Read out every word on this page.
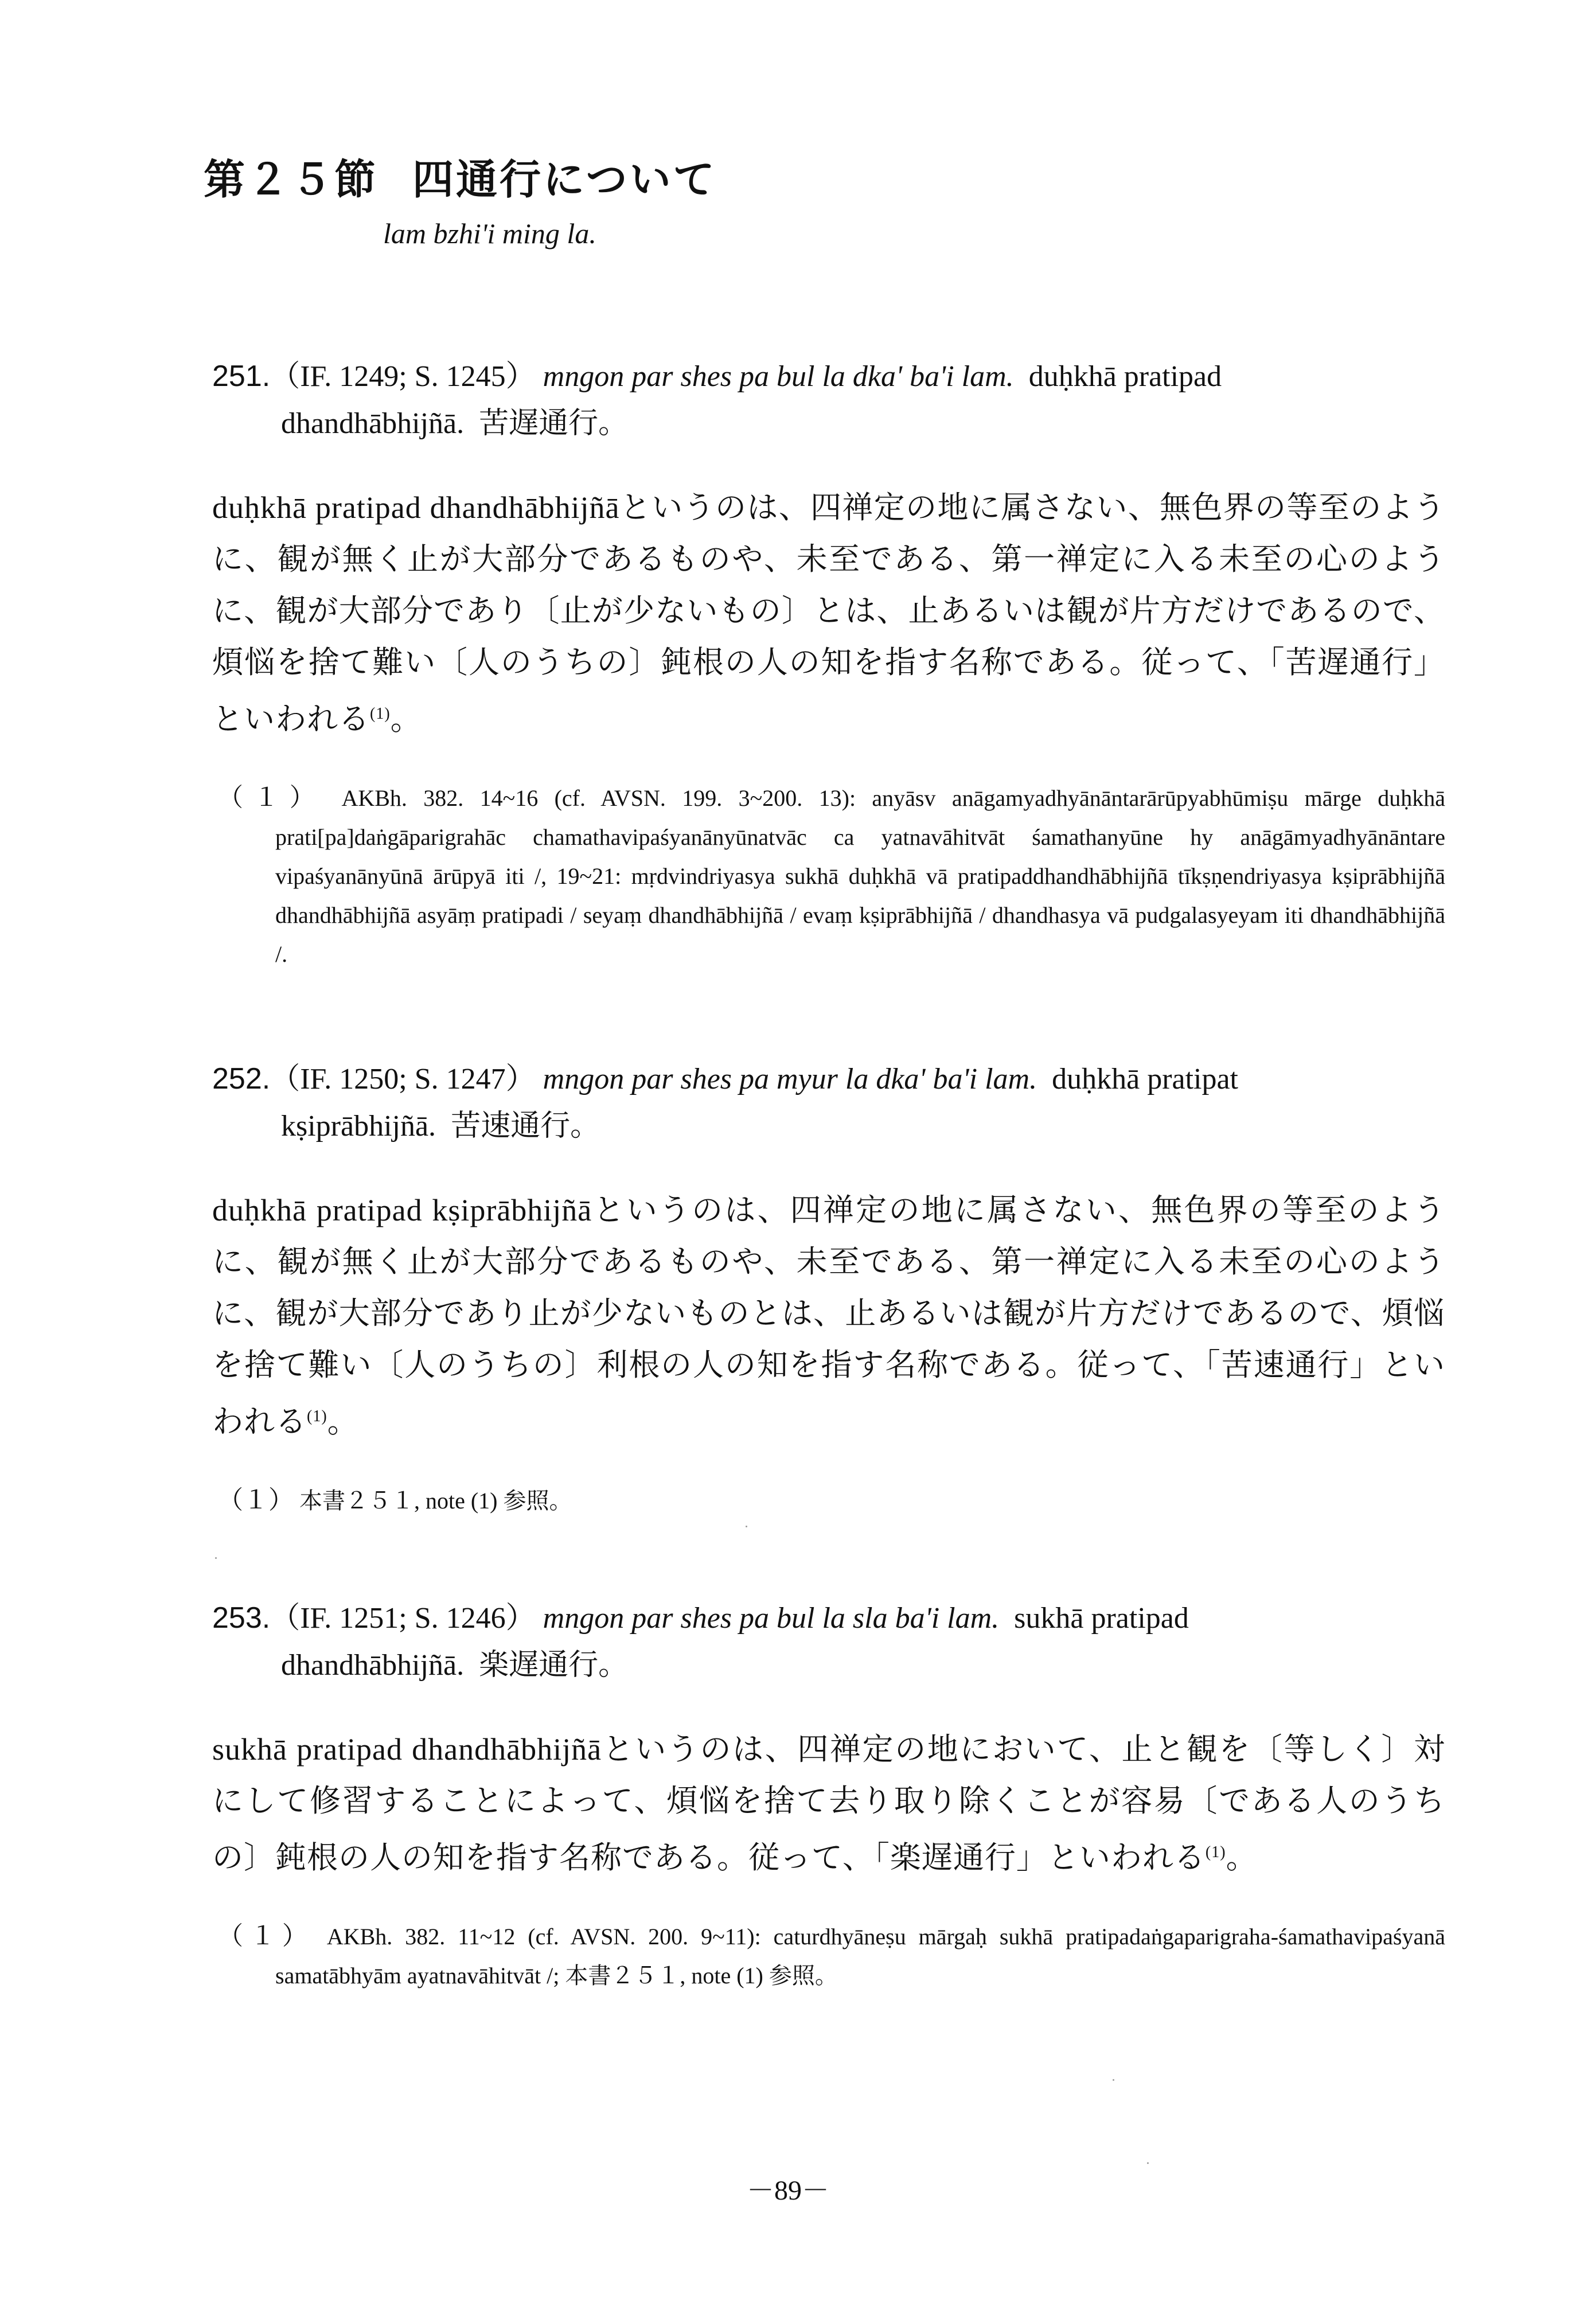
第２５節 四通行について
lam bzhi'i ming la.
251.（IF. 1249; S. 1245） mngon par shes pa bul la dka' ba'i lam. duḥkhā pratipad
dhandhābhijñā. 苦遅通行。
duḥkhā pratipad dhandhābhijñāというのは、四禅定の地に属さない、無色界の等至のように、観が無く止が大部分であるものや、未至である、第一禅定に入る未至の心のように、観が大部分であり〔止が少ないもの〕とは、止あるいは観が片方だけであるので、煩悩を捨て難い〔人のうちの〕鈍根の人の知を指す名称である。従って、「苦遅通行」といわれる$^{(1)}$。
（１） AKBh. 382. 14~16 (cf. AVSN. 199. 3~200. 13): anyāsv anāgamyadhyānāntarārūpyabhūmiṣu mārge duḥkhā prati[pa]daṅgāparigrahāc chamathavipaśyanānyūnatvāc ca yatnavāhitvāt śamathanyūne hy anāgāmyadhyānāntare vipaśyanānyūnā ārūpyā iti /, 19~21: mṛdvindriyasya sukhā duḥkhā vā pratipaddhandhābhijñā tīkṣṇendriyasya kṣiprābhijñā dhandhābhijñā asyāṃ pratipadi / seyaṃ dhandhābhijñā / evaṃ kṣiprābhijñā / dhandhasya vā pudgalasyeyam iti dhandhābhijñā /.
252.（IF. 1250; S. 1247） mngon par shes pa myur la dka' ba'i lam. duḥkhā pratipat
kṣiprābhijñā. 苦速通行。
duḥkhā pratipad kṣiprābhijñāというのは、四禅定の地に属さない、無色界の等至のように、観が無く止が大部分であるものや、未至である、第一禅定に入る未至の心のように、観が大部分であり止が少ないものとは、止あるいは観が片方だけであるので、煩悩を捨て難い〔人のうちの〕利根の人の知を指す名称である。従って、「苦速通行」といわれる$^{(1)}$。
（１） 本書２５１, note (1) 参照。
253.（IF. 1251; S. 1246） mngon par shes pa bul la sla ba'i lam. sukhā pratipad
dhandhābhijñā. 楽遅通行。
sukhā pratipad dhandhābhijñāというのは、四禅定の地において、止と観を〔等しく〕対にして修習することによって、煩悩を捨て去り取り除くことが容易〔である人のうちの〕鈍根の人の知を指す名称である。従って、「楽遅通行」といわれる$^{(1)}$。
（１） AKBh. 382. 11~12 (cf. AVSN. 200. 9~11): caturdhyāneṣu mārgaḥ sukhā pratipadaṅgaparigraha-śamathavipaśyanā samatābhyām ayatnavāhitvāt /; 本書２５１, note (1) 参照。
－89－
